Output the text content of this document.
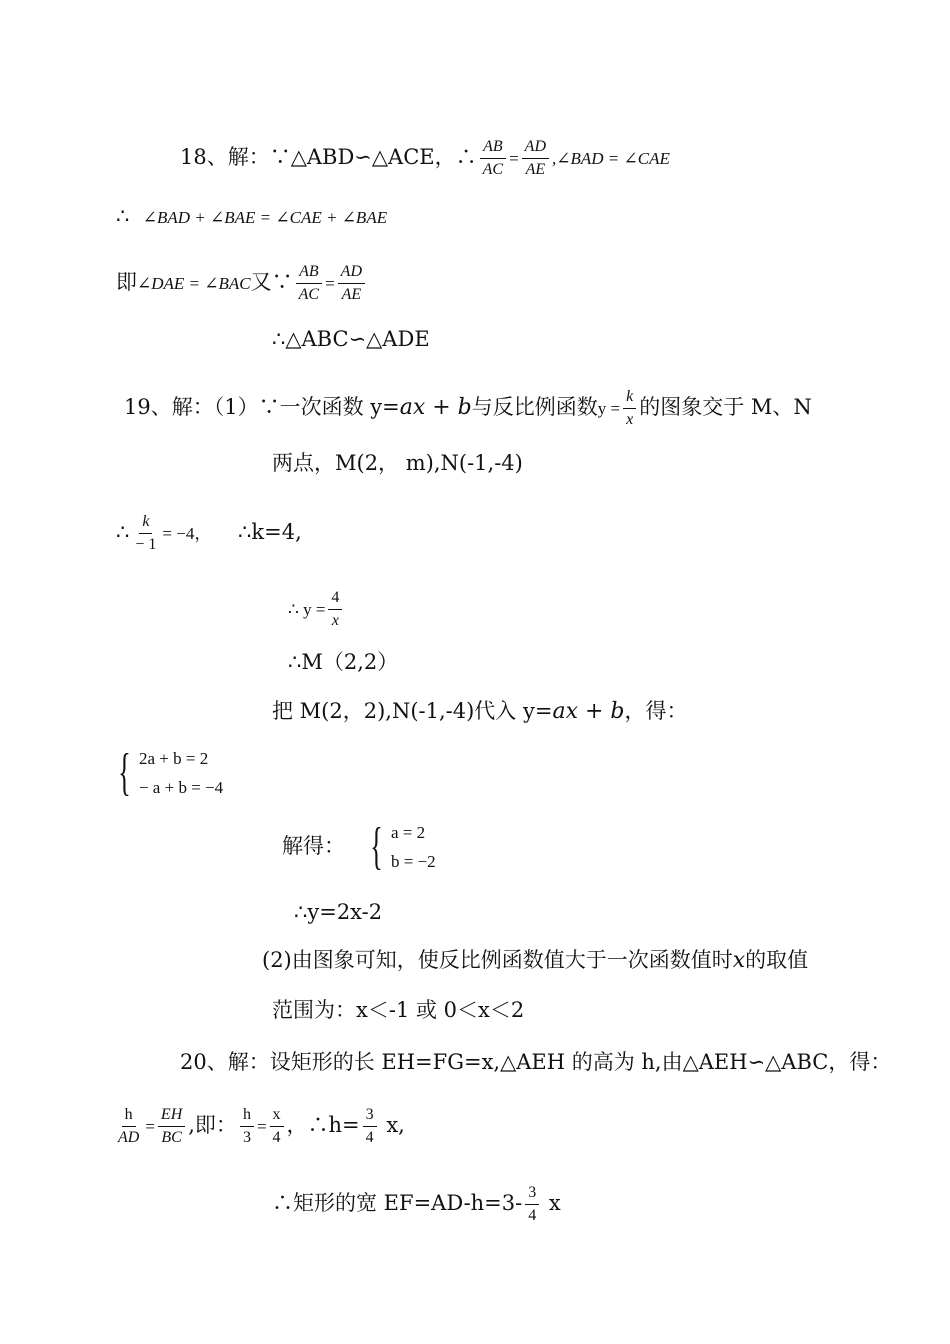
18、解：∵△ABD∽△ACE，∴ $\frac{AB}{AC} = \frac{AD}{AE}$ ,∠BAD = ∠CAE
∴ ∠BAD + ∠BAE = ∠CAE + ∠BAE
即∠DAE = ∠BAC又∵ $\frac{AB}{AC} = \frac{AD}{AE}$
∴△ABC∽△ADE
19、解：（1）∵一次函数 y=ax + b与反比例函数$y = \frac{k}{x}$ 的图象交于 M、N
两点，M(2， m),N(-1,-4)
∴ $\frac{k}{- 1} = -4$， ∴k=4,
∴ $y = \frac{4}{x}$
∴M（2,2）
把 M(2，2),N(-1,-4)代入 y=ax + b，得：
{ 2a + b = 2
− a + b = −4
解得： { a = 2
b = −2
∴y=2x-2
(2)由图象可知，使反比例函数值大于一次函数值时x的取值
范围为：x＜-1 或 0＜x＜2
20、解：设矩形的长 EH=FG=x,△AEH 的高为 h,由△AEH∽△ABC，得：
$\frac{h}{AD} = \frac{EH}{BC}$ ,即： $\frac{h}{3} = \frac{x}{4}$ ，∴h= $\frac{3}{4} x$,
∴矩形的宽 $EF=AD-h=3- \frac{3}{4}$ x
